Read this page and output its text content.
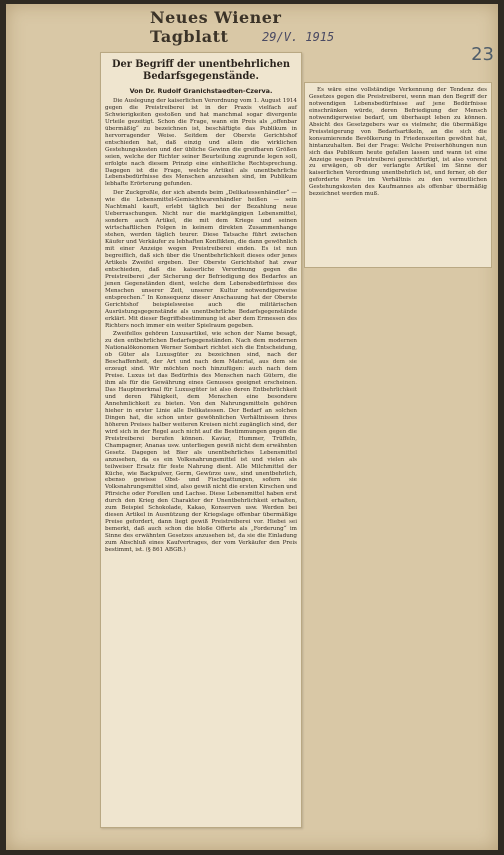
Neues Wiener Tagblatt	29/V. 1915
23
Der Begriff der unentbehrlichen Bedarfsgegenstände.
Von Dr. Rudolf Granichstaedten-Czerva.

Die Auslegung der kaiserlichen Verordnung vom 1. August 1914 gegen die Preistreiberei ist in der Praxis vielfach auf Schwierigkeiten gestoßen und hat manchmal sogar divergente Urteile gezeitigt. Schon die Frage, wann ein Preis als „offenbar übermäßig“ zu bezeichnen ist, beschäftigte das Publikum in hervorragender Weise. Seitdem der Oberste Gerichtshof entschieden hat, daß einzig und allein die wirklichen Gestehungskosten und der übliche Gewinn die greifbaren Größen seien, welche der Richter seiner Beurteilung zugrunde legen soll, erfolgte nach diesem Prinzip eine einheitliche Rechtsprechung. Dagegen ist die Frage, welche Artikel als unentbehrliche Lebensbedürfnisse des Menschen anzusehen sind, im Publikum lebhafte Erörterung gefunden.

Der Zuckgroßle, der sich abends beim „Delikatessenhändler“ — wie die Lebensmittel-Gemischtwarenhändler heißen — sein Nachtmahl kauft, erlebt täglich bei der Bezahlung neue Ueberraschungen. Nicht nur die marktgängigen Lebensmittel, sondern auch Artikel, die mit dem Kriege und seinen wirtschaftlichen Folgen in keinem direkten Zusammenhange stehen, werden täglich teurer. Diese Tatsache führt zwischen Käufer und Verkäufer zu lebhaften Konflikten, die dann gewöhnlich mit einer Anzeige wegen Preistreiberei enden. Es ist nun begreiflich, daß sich über die Unentbehrlichkeit dieses oder jenes Artikels Zweifel ergeben. Der Oberste Gerichtshof hat zwar entschieden, daß die kaiserliche Verordnung gegen die Preistreiberei „der Sicherung der Befriedigung des Bedarfes an jenen Gegenständen dient, welche dem Lebensbedürfnisse des Menschen unserer Zeit, unserer Kultur notwendigerweise entsprechen.“ In Konsequenz dieser Anschauung hat der Oberste Gerichtshof beispielsweise auch die militärischen Ausrüstungsgegenstände als unentbehrliche Bedarfsgegenstände erklärt. Mit dieser Begriffsbestimmung ist aber dem Ermessen des Richters noch immer ein weiter Spielraum gegeben.

Zweifellos gehören Luxusartikel, wie schon der Name besagt, zu den entbehrlichen Bedarfsgegenständen. Nach dem modernen Nationalökonomen Werner Sombart richtet sich die Entscheidung, ob Güter als Luxusgüter zu bezeichnen sind, nach der Beschaffenheit, der Art und nach dem Material, aus dem sie erzeugt sind. Wir möchten noch hinzufügen: auch nach dem Preise. Luxus ist das Bedürfnis des Menschen nach Gütern, die ihm als für die Gewährung eines Genusses geeignet erscheinen. Das Hauptmerkmal für Luxusgüter ist also deren Entbehrlichkeit und deren Fähigkeit, dem Menschen eine besondere Annehmlichkeit zu bieten. Von den Nahrungsmitteln gehören hieher in erster Linie alle Delikatessen. Der Bedarf an solchen Dingen hat, die schon unter gewöhnlichen Verhältnissen ihres höheren Preises halber weiteren Kreisen nicht zugänglich sind, der wird sich in der Regel auch nicht auf die Bestimmungen gegen die Preistreiberei berufen können. Kaviar, Hummer, Trüffeln, Champagner, Ananas usw. unterliegen gewiß nicht dem erwähnten Gesetz. Dagegen ist Bier als unentbehrliches Lebensmittel anzusehen, da es ein Volksnahrungsmittel ist und vielen als teilweiser Ersatz für feste Nahrung dient. Alle Milchmittel der Küche, wie Backpulver, Germ, Gewürze usw., sind unentbehrlich, ebenso gewisse Obst- und Fischgattungen, sofern sie Volksnahrungsmittel sind, also gewiß nicht die ersten Kirschen und Pfirsiche oder Forellen und Lachse. Diese Lebensmittel haben erst durch den Krieg den Charakter der Unentbehrlichkeit erhalten, zum Beispiel Schokolade, Kakao, Konserven usw. Werden bei diesen Artikel in Ausnützung der Kriegslage offenbar übermäßige Preise gefordert, dann liegt gewiß Preistreiberei vor. Hiebei sei bemerkt, daß auch schon die bloße Offerte als „Forderung“ im Sinne des erwähnten Gesetzes anzusehen ist, da sie die Einladung zum Abschluß eines Kaufvertrages, der vom Verkäufer den Preis bestimmt, ist. (§ 861 ABGB.)

Es wäre eine vollständige Verkennung der Tendenz des Gesetzes gegen die Preistreiberei, wenn man den Begriff der notwendigen Lebensbedürfnisse auf jene Bedürfnisse einschränken würde, deren Befriedigung der Mensch notwendigerweise bedarf, um überhaupt leben zu können. Absicht des Gesetzgebers war es vielmehr, die übermäßige Preissteigerung von Bedarfsartikeln, an die sich die konsumierende Bevölkerung in Friedenszeiten gewöhnt hat, hintanzuhalten. Bei der Frage: Welche Preiserhöhungen nun sich das Publikum heute gefallen lassen und wann ist eine Anzeige wegen Preistreiberei gerechtfertigt, ist also vorerst zu erwägen, ob der verlangte Artikel im Sinne der kaiserlichen Verordnung unentbehrlich ist, und ferner, ob der geforderte Preis im Verhältnis zu den vermutlichen Gestehungskosten des Kaufmannes als offenbar übermäßig bezeichnet werden muß.
